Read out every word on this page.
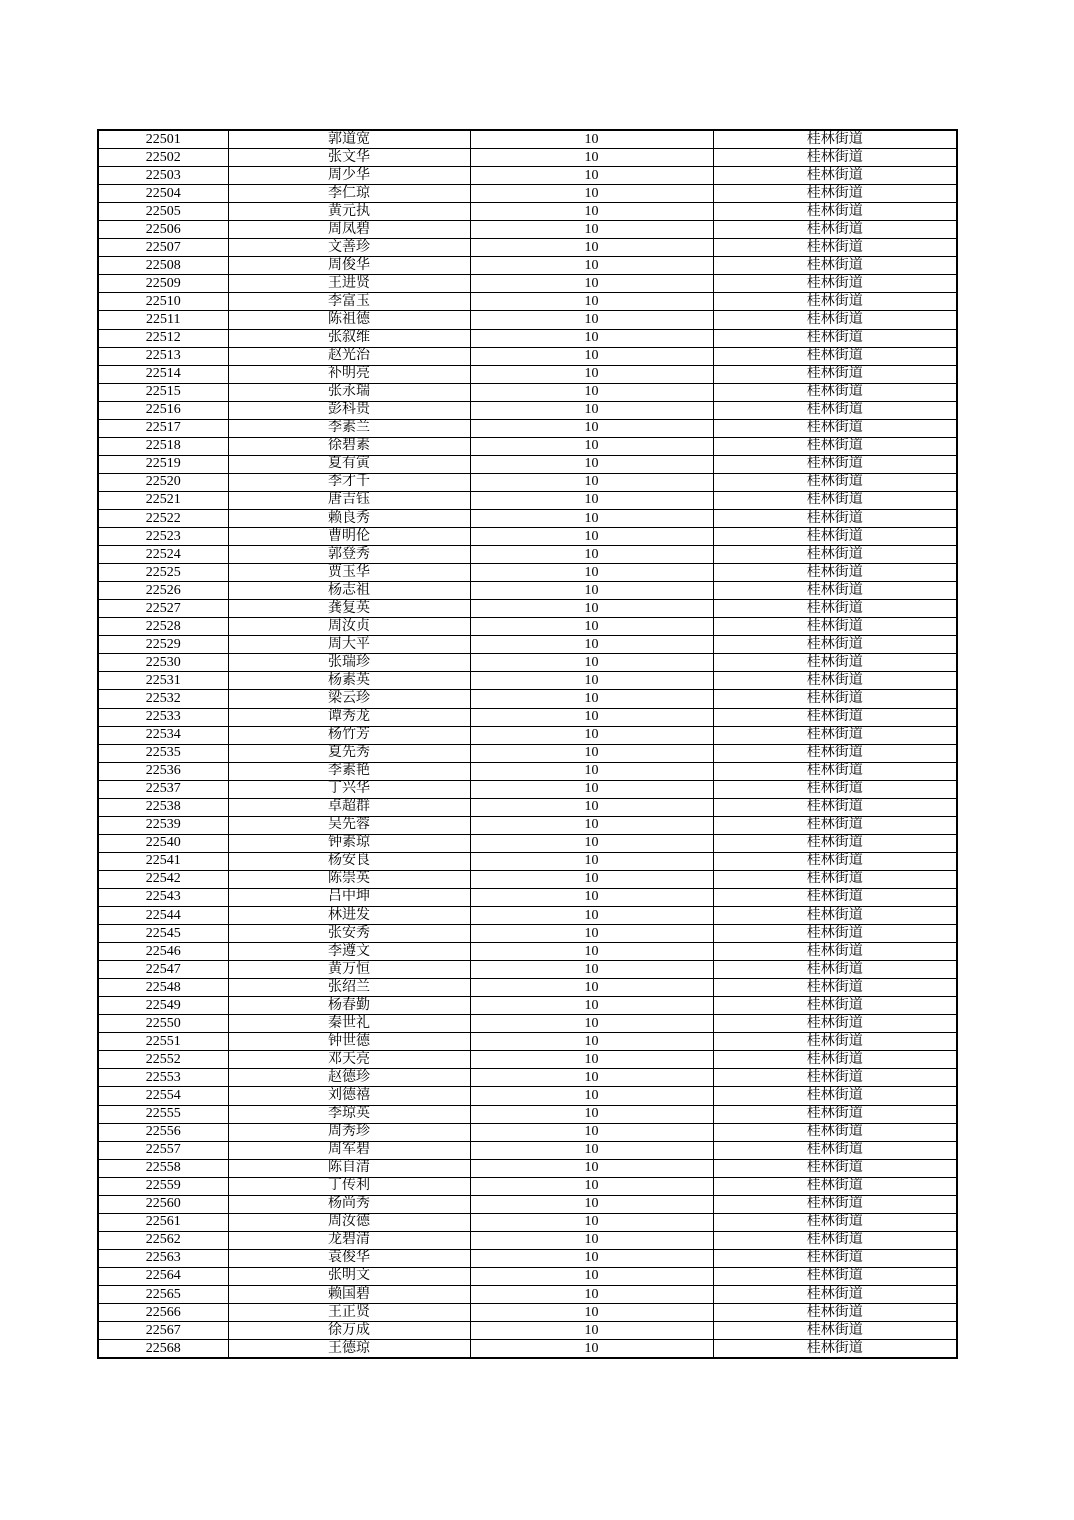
22501	郭道宽	10	桂林街道
22502	张文华	10	桂林街道
22503	周少华	10	桂林街道
22504	李仁琼	10	桂林街道
22505	黄元执	10	桂林街道
22506	周凤碧	10	桂林街道
22507	文善珍	10	桂林街道
22508	周俊华	10	桂林街道
22509	王进贤	10	桂林街道
22510	李富玉	10	桂林街道
22511	陈祖德	10	桂林街道
22512	张叙维	10	桂林街道
22513	赵光治	10	桂林街道
22514	补明亮	10	桂林街道
22515	张永瑞	10	桂林街道
22516	彭科贵	10	桂林街道
22517	李素兰	10	桂林街道
22518	徐碧素	10	桂林街道
22519	夏有寅	10	桂林街道
22520	李才千	10	桂林街道
22521	唐吉钰	10	桂林街道
22522	赖良秀	10	桂林街道
22523	曹明伦	10	桂林街道
22524	郭登秀	10	桂林街道
22525	贾玉华	10	桂林街道
22526	杨志祖	10	桂林街道
22527	龚复英	10	桂林街道
22528	周汝贞	10	桂林街道
22529	周大平	10	桂林街道
22530	张瑞珍	10	桂林街道
22531	杨素英	10	桂林街道
22532	梁云珍	10	桂林街道
22533	谭秀龙	10	桂林街道
22534	杨竹芳	10	桂林街道
22535	夏先秀	10	桂林街道
22536	李素艳	10	桂林街道
22537	丁兴华	10	桂林街道
22538	卓超群	10	桂林街道
22539	吴先蓉	10	桂林街道
22540	钟素琼	10	桂林街道
22541	杨安良	10	桂林街道
22542	陈崇英	10	桂林街道
22543	吕中坤	10	桂林街道
22544	林进发	10	桂林街道
22545	张安秀	10	桂林街道
22546	李遵文	10	桂林街道
22547	黄万恒	10	桂林街道
22548	张绍兰	10	桂林街道
22549	杨春勤	10	桂林街道
22550	秦世礼	10	桂林街道
22551	钟世德	10	桂林街道
22552	邓天亮	10	桂林街道
22553	赵德珍	10	桂林街道
22554	刘德禧	10	桂林街道
22555	李琼英	10	桂林街道
22556	周秀珍	10	桂林街道
22557	周军碧	10	桂林街道
22558	陈自清	10	桂林街道
22559	丁传利	10	桂林街道
22560	杨尚秀	10	桂林街道
22561	周汝德	10	桂林街道
22562	龙碧清	10	桂林街道
22563	袁俊华	10	桂林街道
22564	张明文	10	桂林街道
22565	赖国碧	10	桂林街道
22566	王正贤	10	桂林街道
22567	徐万成	10	桂林街道
22568	王德琼	10	桂林街道
